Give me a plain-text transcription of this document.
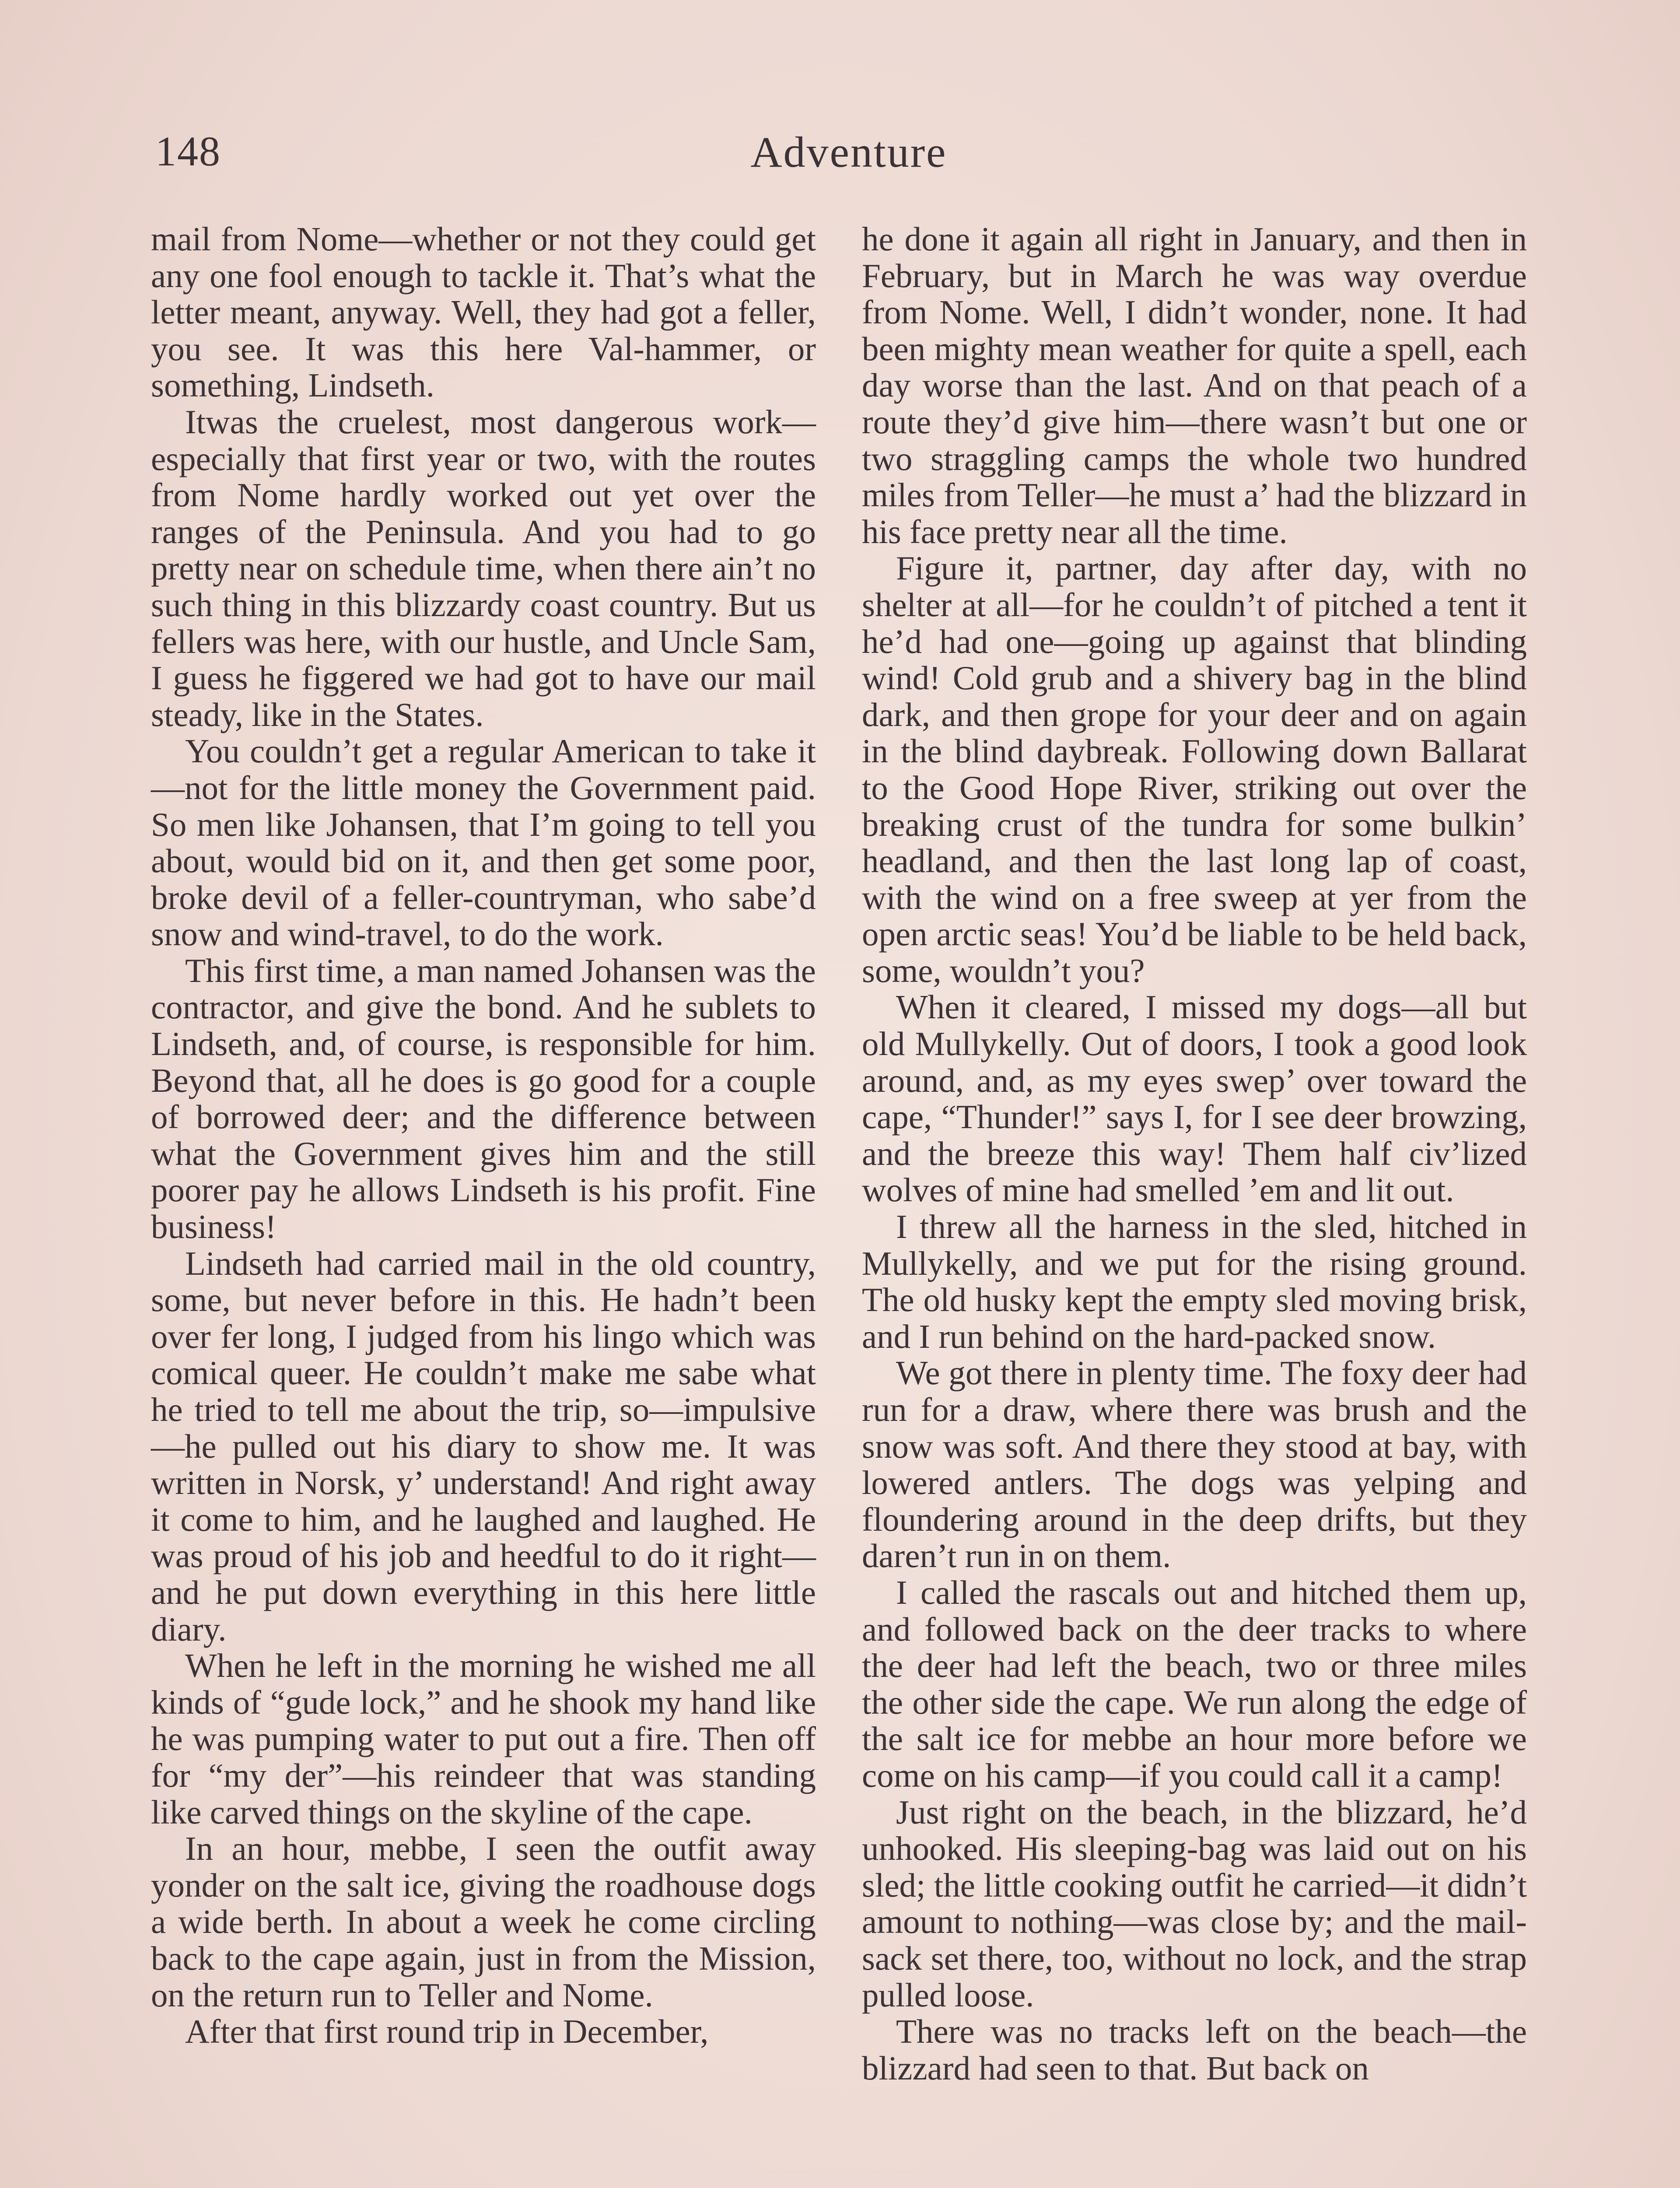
148	Adventure

mail from Nome—whether or not they could get any one fool enough to tackle it. That’s what the letter meant, anyway. Well, they had got a feller, you see. It was this here Val-hammer, or something, Lindseth.

Itwas the cruelest, most dangerous work—especially that first year or two, with the routes from Nome hardly worked out yet over the ranges of the Peninsula. And you had to go pretty near on schedule time, when there ain’t no such thing in this blizzardy coast country. But us fellers was here, with our hustle, and Uncle Sam, I guess he figgered we had got to have our mail steady, like in the States.

You couldn’t get a regular American to take it—not for the little money the Government paid. So men like Johansen, that I’m going to tell you about, would bid on it, and then get some poor, broke devil of a feller-countryman, who sabe’d snow and wind-travel, to do the work.

This first time, a man named Johansen was the contractor, and give the bond. And he sublets to Lindseth, and, of course, is responsible for him. Beyond that, all he does is go good for a couple of borrowed deer; and the difference between what the Government gives him and the still poorer pay he allows Lindseth is his profit. Fine business!

Lindseth had carried mail in the old country, some, but never before in this. He hadn’t been over fer long, I judged from his lingo which was comical queer. He couldn’t make me sabe what he tried to tell me about the trip, so—impulsive—he pulled out his diary to show me. It was written in Norsk, y’ understand! And right away it come to him, and he laughed and laughed. He was proud of his job and heedful to do it right—and he put down everything in this here little diary.

When he left in the morning he wished me all kinds of “gude lock,” and he shook my hand like he was pumping water to put out a fire. Then off for “my der”—his reindeer that was standing like carved things on the skyline of the cape.

In an hour, mebbe, I seen the outfit away yonder on the salt ice, giving the roadhouse dogs a wide berth. In about a week he come circling back to the cape again, just in from the Mission, on the return run to Teller and Nome.

After that first round trip in December,

he done it again all right in January, and then in February, but in March he was way overdue from Nome. Well, I didn’t wonder, none. It had been mighty mean weather for quite a spell, each day worse than the last. And on that peach of a route they’d give him—there wasn’t but one or two straggling camps the whole two hundred miles from Teller—he must a’ had the blizzard in his face pretty near all the time.

Figure it, partner, day after day, with no shelter at all—for he couldn’t of pitched a tent it he’d had one—going up against that blinding wind! Cold grub and a shivery bag in the blind dark, and then grope for your deer and on again in the blind daybreak. Following down Ballarat to the Good Hope River, striking out over the breaking crust of the tundra for some bulkin’ headland, and then the last long lap of coast, with the wind on a free sweep at yer from the open arctic seas! You’d be liable to be held back, some, wouldn’t you?

When it cleared, I missed my dogs—all but old Mullykelly. Out of doors, I took a good look around, and, as my eyes swep’ over toward the cape, “Thunder!” says I, for I see deer browzing, and the breeze this way! Them half civ’lized wolves of mine had smelled ’em and lit out.

I threw all the harness in the sled, hitched in Mullykelly, and we put for the rising ground. The old husky kept the empty sled moving brisk, and I run behind on the hard-packed snow.

We got there in plenty time. The foxy deer had run for a draw, where there was brush and the snow was soft. And there they stood at bay, with lowered antlers. The dogs was yelping and floundering around in the deep drifts, but they daren’t run in on them.

I called the rascals out and hitched them up, and followed back on the deer tracks to where the deer had left the beach, two or three miles the other side the cape. We run along the edge of the salt ice for mebbe an hour more before we come on his camp—if you could call it a camp!

Just right on the beach, in the blizzard, he’d unhooked. His sleeping-bag was laid out on his sled; the little cooking outfit he carried—it didn’t amount to nothing—was close by; and the mail-sack set there, too, without no lock, and the strap pulled loose.

There was no tracks left on the beach—the blizzard had seen to that. But back on
